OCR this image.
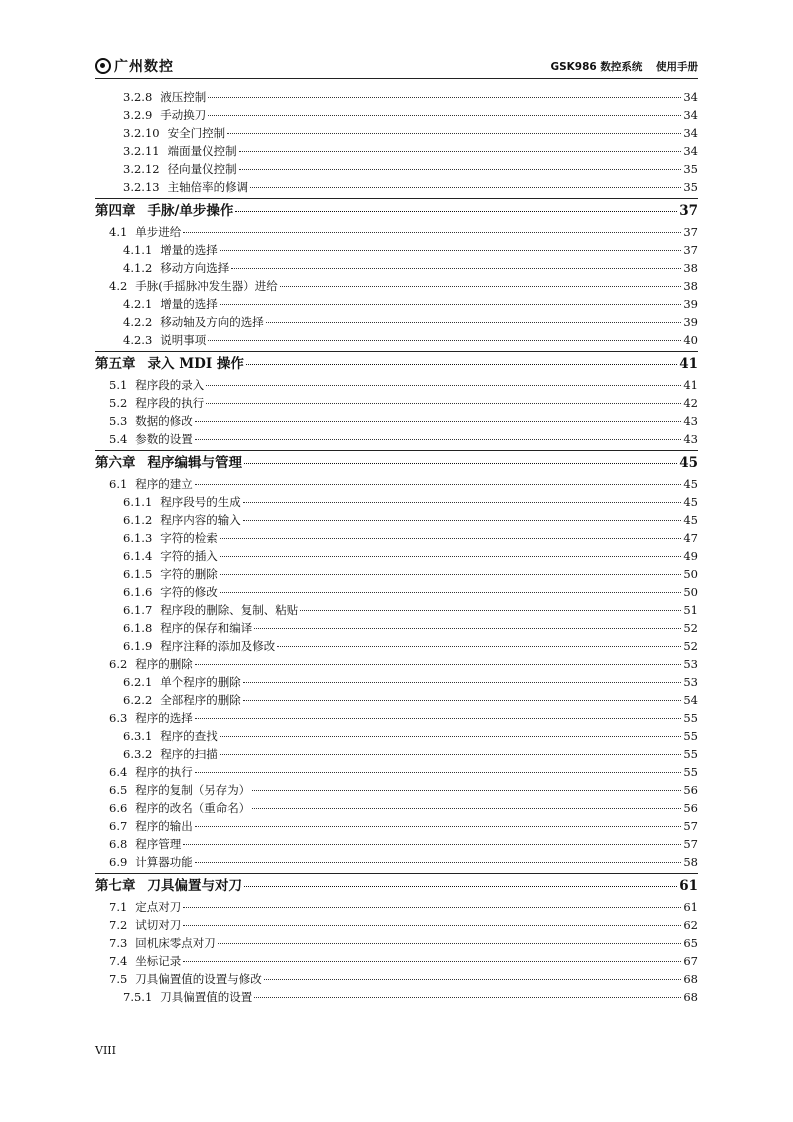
广州数控	GSK986 数控系统 使用手册
3.2.8 液压控制	34
3.2.9 手动换刀	34
3.2.10 安全门控制	34
3.2.11 端面量仪控制	34
3.2.12 径向量仪控制	35
3.2.13 主轴倍率的修调	35
第四章 手脉/单步操作	37
4.1 单步进给	37
4.1.1 增量的选择	37
4.1.2 移动方向选择	38
4.2 手脉(手摇脉冲发生器）进给	38
4.2.1 增量的选择	39
4.2.2 移动轴及方向的选择	39
4.2.3 说明事项	40
第五章 录入 MDI 操作	41
5.1 程序段的录入	41
5.2 程序段的执行	42
5.3 数据的修改	43
5.4 参数的设置	43
第六章 程序编辑与管理	45
6.1 程序的建立	45
6.1.1 程序段号的生成	45
6.1.2 程序内容的输入	45
6.1.3 字符的检索	47
6.1.4 字符的插入	49
6.1.5 字符的删除	50
6.1.6 字符的修改	50
6.1.7 程序段的删除、复制、粘贴	51
6.1.8 程序的保存和编译	52
6.1.9 程序注释的添加及修改	52
6.2 程序的删除	53
6.2.1 单个程序的删除	53
6.2.2 全部程序的删除	54
6.3 程序的选择	55
6.3.1 程序的查找	55
6.3.2 程序的扫描	55
6.4 程序的执行	55
6.5 程序的复制（另存为）	56
6.6 程序的改名（重命名）	56
6.7 程序的输出	57
6.8 程序管理	57
6.9 计算器功能	58
第七章 刀具偏置与对刀	61
7.1 定点对刀	61
7.2 试切对刀	62
7.3 回机床零点对刀	65
7.4 坐标记录	67
7.5 刀具偏置值的设置与修改	68
7.5.1 刀具偏置值的设置	68
VIII
